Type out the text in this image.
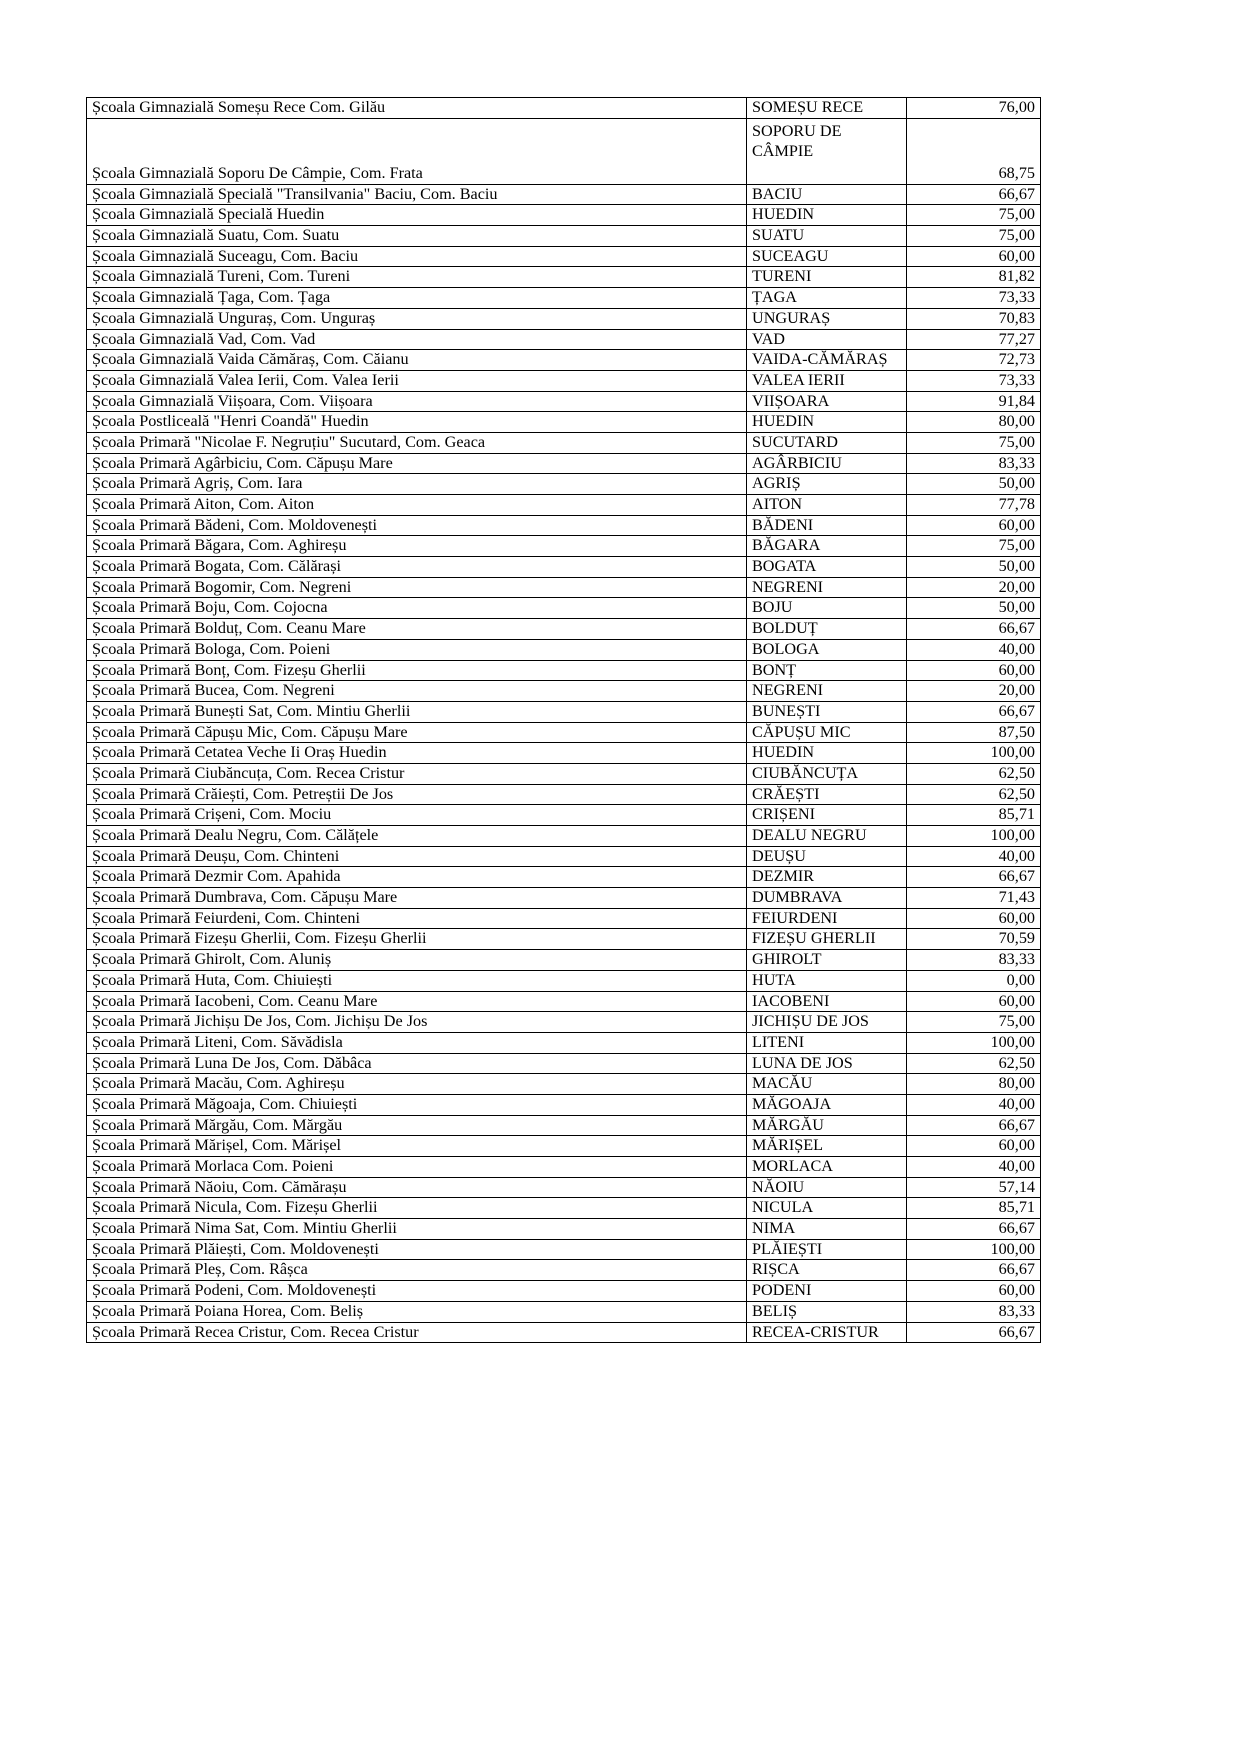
Școala Gimnazială Someșu Rece Com. Gilău	SOMEȘU RECE	76,00
Școala Gimnazială Soporu De Câmpie, Com. Frata	SOPORU DE CÂMPIE	68,75
Școala Gimnazială Specială "Transilvania" Baciu, Com. Baciu	BACIU	66,67
Școala Gimnazială Specială Huedin	HUEDIN	75,00
Școala Gimnazială Suatu, Com. Suatu	SUATU	75,00
Școala Gimnazială Suceagu, Com. Baciu	SUCEAGU	60,00
Școala Gimnazială Tureni, Com. Tureni	TURENI	81,82
Școala Gimnazială Țaga, Com. Țaga	ȚAGA	73,33
Școala Gimnazială Unguraș, Com. Unguraș	UNGURAȘ	70,83
Școala Gimnazială Vad, Com. Vad	VAD	77,27
Școala Gimnazială Vaida Cămăraș, Com. Căianu	VAIDA-CĂMĂRAȘ	72,73
Școala Gimnazială Valea Ierii, Com. Valea Ierii	VALEA IERII	73,33
Școala Gimnazială Viișoara, Com. Viișoara	VIIȘOARA	91,84
Școala Postliceală "Henri Coandă" Huedin	HUEDIN	80,00
Școala Primară "Nicolae F. Negruțiu" Sucutard, Com. Geaca	SUCUTARD	75,00
Școala Primară Agârbiciu, Com. Căpușu Mare	AGÂRBICIU	83,33
Școala Primară Agriș, Com. Iara	AGRIȘ	50,00
Școala Primară Aiton, Com. Aiton	AITON	77,78
Școala Primară Bădeni, Com. Moldovenești	BĂDENI	60,00
Școala Primară Băgara, Com. Aghireșu	BĂGARA	75,00
Școala Primară Bogata, Com. Călărași	BOGATA	50,00
Școala Primară Bogomir, Com. Negreni	NEGRENI	20,00
Școala Primară Boju, Com. Cojocna	BOJU	50,00
Școala Primară Bolduț, Com. Ceanu Mare	BOLDUȚ	66,67
Școala Primară Bologa, Com. Poieni	BOLOGA	40,00
Școala Primară Bonț, Com. Fizeșu Gherlii	BONȚ	60,00
Școala Primară Bucea, Com. Negreni	NEGRENI	20,00
Școala Primară Bunești Sat, Com. Mintiu Gherlii	BUNEȘTI	66,67
Școala Primară Căpușu Mic, Com. Căpușu Mare	CĂPUȘU MIC	87,50
Școala Primară Cetatea Veche Ii Oraș Huedin	HUEDIN	100,00
Școala Primară Ciubăncuța, Com. Recea Cristur	CIUBĂNCUȚA	62,50
Școala Primară Crăiești, Com. Petreștii De Jos	CRĂEȘTI	62,50
Școala Primară Crișeni, Com. Mociu	CRIȘENI	85,71
Școala Primară Dealu Negru, Com. Călățele	DEALU NEGRU	100,00
Școala Primară Deușu, Com. Chinteni	DEUȘU	40,00
Școala Primară Dezmir Com. Apahida	DEZMIR	66,67
Școala Primară Dumbrava, Com. Căpușu Mare	DUMBRAVA	71,43
Școala Primară Feiurdeni, Com. Chinteni	FEIURDENI	60,00
Școala Primară Fizeșu Gherlii, Com. Fizeșu Gherlii	FIZEȘU GHERLII	70,59
Școala Primară Ghirolt, Com. Aluniș	GHIROLT	83,33
Școala Primară Huta, Com. Chiuiești	HUTA	0,00
Școala Primară Iacobeni, Com. Ceanu Mare	IACOBENI	60,00
Școala Primară Jichișu De Jos, Com. Jichișu De Jos	JICHIȘU DE JOS	75,00
Școala Primară Liteni, Com. Săvădisla	LITENI	100,00
Școala Primară Luna De Jos, Com. Dăbâca	LUNA DE JOS	62,50
Școala Primară Macău, Com. Aghireșu	MACĂU	80,00
Școala Primară Măgoaja, Com. Chiuiești	MĂGOAJA	40,00
Școala Primară Mărgău, Com. Mărgău	MĂRGĂU	66,67
Școala Primară Mărișel, Com. Mărișel	MĂRIȘEL	60,00
Școala Primară Morlaca Com. Poieni	MORLACA	40,00
Școala Primară Năoiu, Com. Cămărașu	NĂOIU	57,14
Școala Primară Nicula, Com. Fizeșu Gherlii	NICULA	85,71
Școala Primară Nima Sat, Com. Mintiu Gherlii	NIMA	66,67
Școala Primară Plăiești, Com. Moldovenești	PLĂIEȘTI	100,00
Școala Primară Pleș, Com. Râșca	RIȘCA	66,67
Școala Primară Podeni, Com. Moldovenești	PODENI	60,00
Școala Primară Poiana Horea, Com. Beliș	BELIȘ	83,33
Școala Primară Recea Cristur, Com. Recea Cristur	RECEA-CRISTUR	66,67
